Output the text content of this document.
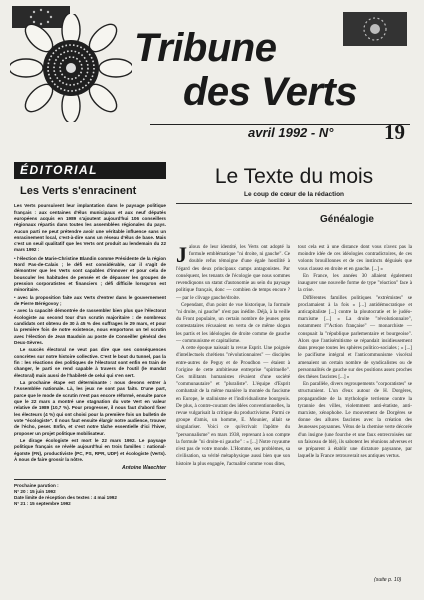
Tribune
des Verts
avril 1992 - N° 19
ÉDITORIAL
Les Verts s'enracinent

Les Verts poursuivent leur implantation dans le paysage politique français : aux centaines d'élus municipaux et aux neuf députés européens acquis en 1989 s'ajoutent aujourd'hui 106 conseillers régionaux répartis dans toutes les assemblées régionales du pays. Aucun parti ne peut prétendre avoir une véritable influence sans un enracinement local, c'est-à-dire sans un réseau d'élus de base. Mais c'est un seuil qualitatif que les Verts ont produit au lendemain du 22 mars 1992 :

• l'élection de Marie-Christine Blandin comme Présidente de la région Nord Pas-de-Calais ; le défi est considérable, car il s'agit de démontrer que les Verts sont capables d'innover et pour cela de bousculer les habitudes de pensée et de dépasser les groupes de pression corporatistes et financiers ; défi difficile lorsqu'on est minoritaire.
• avec la proposition faite aux Verts d'entrer dans le gouvernement de Pierre Bérégovoy ;
• avec la capacité démontrée de rassembler bien plus que l'électorat écologiste au second tour d'un scrutin majoritaire : de nombreux candidats ont obtenu de 30 à 45 % des suffrages le 29 mars, et pour la première fois de notre existence, nous emportons un tel scrutin avec l'élection de Jean Baudoin au poste de Conseiller général des Deux-Sèvres.

Le succès électoral ne veut pas dire que ses conséquences concrètes sur notre histoire collective. C'est le bout du tunnel, pas la fin : les réactions des politiques de l'électorat sont enfin en train de changer, le parti se rend capable à travers de l'outil (le mandat électoral) mais aussi de l'habileté de celui qui s'en sert.

La prochaine étape est déterminante : nous devons entrer à l'Assemblée nationale. Là, les jeux ne sont pas faits. D'une part, parce que le mode de scrutin n'est pas encore réformé, ensuite parce que le 22 mars a montré une stagnation du vote Vert en valeur relative de 1989 (10,7 %). Pour progresser, il nous faut d'abord fixer les électeurs (4 %) qui ont choisi pour la première fois un bulletin de vote "écologiste". Il nous faut ensuite élargir notre audience, trouver de l'écho, peser. Enfin, et c'est notre tâche essentielle d'ici l'hiver, proposer un projet politique mobilisateur.

Le dirage écologiste est mort le 22 mars 1992. Le paysage politique français se révèle aujourd'hui en trois familles : national-égoïste (FN), productiviste (PC, PS, RPR, UDF) et écologiste (Verts). À nous de faire grossir la nôtre.

Antoine Waechter
Prochaine parution :
N° 20 : 15 juin 1992
Date limite de réception des textes : 4 mai 1992
N° 21 : 15 septembre 1992
Le Texte du mois
Le coup de cœur de la rédaction
Généalogie

Jaloux de leur identité, les Verts ont adopté la formule emblématique "ni droite, ni gauche". Ce double refus témoigne d'une égale hostilité à l'égard des deux principaux camps antagonistes. Par conséquent, les tenants de l'écologie que nous sommes revendiquons un statut d'autonomie au sein du paysage politique français, donc — combien de temps encore ? — par le clivage gauche/droite.

Cependant, d'un point de vue historique, la formule "ni droite, ni gauche" n'est pas inédite. Déjà, à la veille du Front populaire, un certain nombre de jeunes gens contestataires récusaient en vertu de ce même slogan les partis et les idéologies de droite comme de gauche — communisme et capitalisme.

A cette époque naissait la revue Esprit. Une poignée d'intellectuels chrétiens "révolutionnaires" — disciples entre-autres de Peguy et de Proudhon — étaient à l'origine de cette ambitieuse entreprise "spirituelle". Ces militants humanistes rêvaient d'une société "communautaire" et "pluraliste". L'équipe d'Esprit combattait de la même manière la montée du fascisme en Europe, le stalinisme et l'individualisme bourgeois. De plus, à contre-courant des idées conventionnelles, la revue vulgarisait la critique du productivisme. Parmi ce groupe d'amis, un homme, E. Mounier, allait se singulariser. Voici ce qu'écrivait l'apôtre du "personnalisme" en mars 1938, reprenant à son compte la formule "ni droite-ni gauche" : « [...] Notre royaume n'est pas de votre monde. L'Homme, ses problèmes, sa civilisation, sa vérité métaphysique aussi bien que son histoire la plus engagée, l'actualité comme vous dites,

tout cela est à une distance dont vous n'avez pas la moindre idée de ces idéologies contradictoires, de ces volonts brouillonnes et de ces instincts déguisés que vous classez en droite et en gauche. [...] »

En France, les années 30 allaient également inaugurer une nouvelle forme de type "réaction" face à la crise.

Différentes familles politiques "extrémistes" se proclamaient à la fois « [...] antidémocratique et anticapitaliste [...] contre la ploutocratie et le judéo-marxisme [...] » La droite "révolutionnaire", notamment l'"Action française" — monarchiste — conspuait la "république parlementaire et bourgeoise". Alors que l'antisémitisme se répandait insidieusement dans presque toutes les sphères politico-sociales ; « [...] le pacifisme intégral et l'anticommunisme viscéral amenaient un certain nombre de syndicalistes ou de personnalités de gauche sur des positions assez proches des thèses fascistes [...] »

En parallèle, divers regroupements "corporatistes" se structuraient. L'un d'eux autour de H. Dorgères, propagandiste de la mythologie terrienne contre la tyrannie des villes, violemment anti-étatiste, anti-marxiste, xénophobe. Le mouvement de Dorgères se donne des allures fascistes avec la création des Jeunesses paysannes. Vêtus de la chemise verte décorée d'un insigne (une fourche et une faux entrecroisées sur un faisceau de blé), ils sabotent les réunions adverses et se préparent à établir une dictature paysanne, par laquelle la France retrouverait ses antiques vertus.

(suite p. 10)
